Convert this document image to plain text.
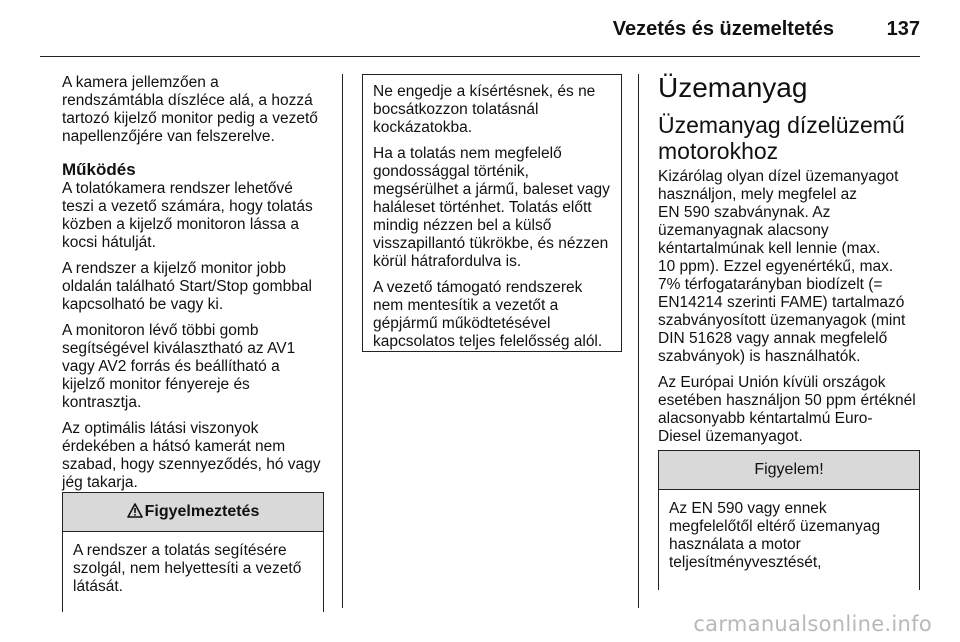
Vezetés és üzemeltetés	137

A kamera jellemzően a
rendszámtábla díszléce alá, a hozzá
tartozó kijelző monitor pedig a vezető
napellenzőjére van felszerelve.

Működés

A tolatókamera rendszer lehetővé
teszi a vezető számára, hogy tolatás
közben a kijelző monitoron lássa a
kocsi hátulját.

A rendszer a kijelző monitor jobb
oldalán található Start/Stop gombbal
kapcsolható be vagy ki.

A monitoron lévő többi gomb
segítségével kiválasztható az AV1
vagy AV2 forrás és beállítható a
kijelző monitor fényereje és
kontrasztja.

Az optimális látási viszonyok
érdekében a hátsó kamerát nem
szabad, hogy szennyeződés, hó vagy
jég takarja.

Figyelmeztetés
A rendszer a tolatás segítésére
szolgál, nem helyettesíti a vezető
látását.

Ne engedje a kísértésnek, és ne
bocsátkozzon tolatásnál
kockázatokba.

Ha a tolatás nem megfelelő
gondossággal történik,
megsérülhet a jármű, baleset vagy
haláleset történhet. Tolatás előtt
mindig nézzen bel a külső
visszapillantó tükrökbe, és nézzen
körül hátrafordulva is.

A vezető támogató rendszerek
nem mentesítik a vezetőt a
gépjármű működtetésével
kapcsolatos teljes felelősség alól.

Üzemanyag
Üzemanyag dízelüzemű
motorokhoz

Kizárólag olyan dízel üzemanyagot
használjon, mely megfelel az
EN 590 szabványnak. Az
üzemanyagnak alacsony
kéntartalmúnak kell lennie (max.
10 ppm). Ezzel egyenértékű, max.
7% térfogatarányban biodízelt (=
EN14214 szerinti FAME) tartalmazó
szabványosított üzemanyagok (mint
DIN 51628 vagy annak megfelelő
szabványok) is használhatók.

Az Európai Unión kívüli országok
esetében használjon 50 ppm értéknél
alacsonyabb kéntartalmú Euro-
Diesel üzemanyagot.

Figyelem!
Az EN 590 vagy ennek
megfelelőtől eltérő üzemanyag
használata a motor
teljesítményvesztését,
carmanualsonline.info
